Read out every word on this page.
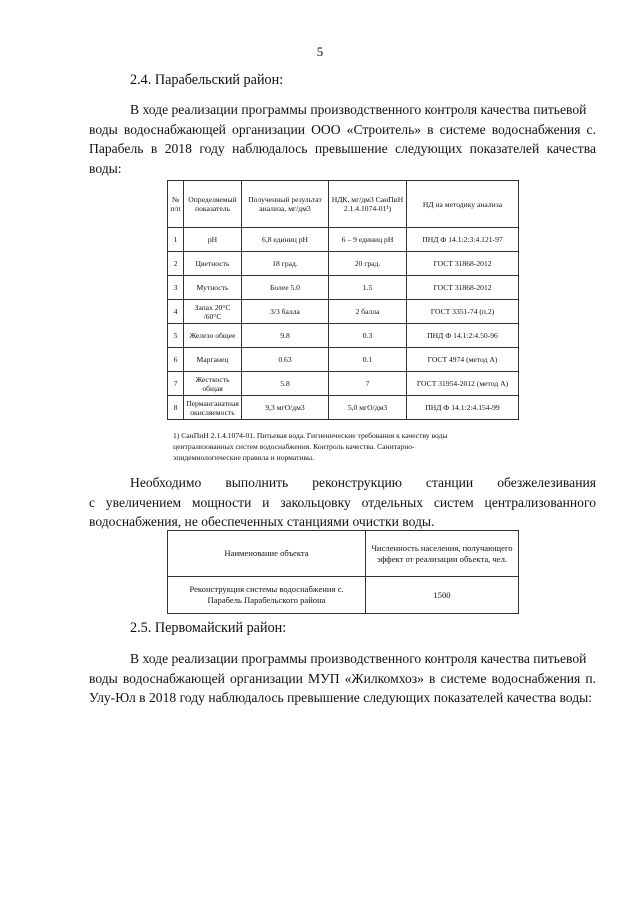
5
2.4. Парабельский район:

В ходе реализации программы производственного контроля качества питьевой

воды водоснабжающей организации ООО «Строитель» в системе водоснабжения с. Парабель в 2018 году наблюдалось превышение следующих показателей качества воды:

№ п/п	Определяемый показатель	Полученный результат анализа, мг/дм3	НДК, мг/дм3 СанПиН 2.1.4.1074-01¹)	НД на методику анализа
1	pH	6,8 единиц pH	6 – 9 единиц pH	ПНД Ф 14.1:2:3:4.121-97
2	Цветность	18 град.	20 град.	ГОСТ 31868-2012
3	Мутность	Более 5.0	1.5	ГОСТ 31868-2012
4	Запах 20°С /60°С	3/3 балла	2 балла	ГОСТ 3351-74 (п.2)
5	Железо общее	9.8	0.3	ПНД Ф 14.1:2:4.50-96
6	Марганец	0.63	0.1	ГОСТ 4974 (метод А)
7	Жесткость общая	5.8	7	ГОСТ 31954-2012 (метод А)
8	Перманганатная окисляемость	9,3 мгО/дм3	5,0 мгО/дм3	ПНД Ф 14.1:2:4.154-99
1) СанПиН 2.1.4.1074-01. Питьевая вода. Гигиенические требования к качеству воды централизованных систем водоснабжения. Контроль качества. Санитарно-эпидемиологические правила и нормативы.

Необходимо выполнить реконструкцию станции обезжелезивания

с увеличением мощности и закольцовку отдельных систем централизованного водоснабжения, не обеспеченных станциями очистки воды.

Наименование объекта	Численность населения, получающего эффект от реализации объекта, чел.
Реконструкция системы водоснабжения с. Парабель Парабельского района	1500
2.5. Первомайский район:

В ходе реализации программы производственного контроля качества питьевой

воды водоснабжающей организации МУП «Жилкомхоз» в системе водоснабжения п. Улу-Юл в 2018 году наблюдалось превышение следующих показателей качества воды:
